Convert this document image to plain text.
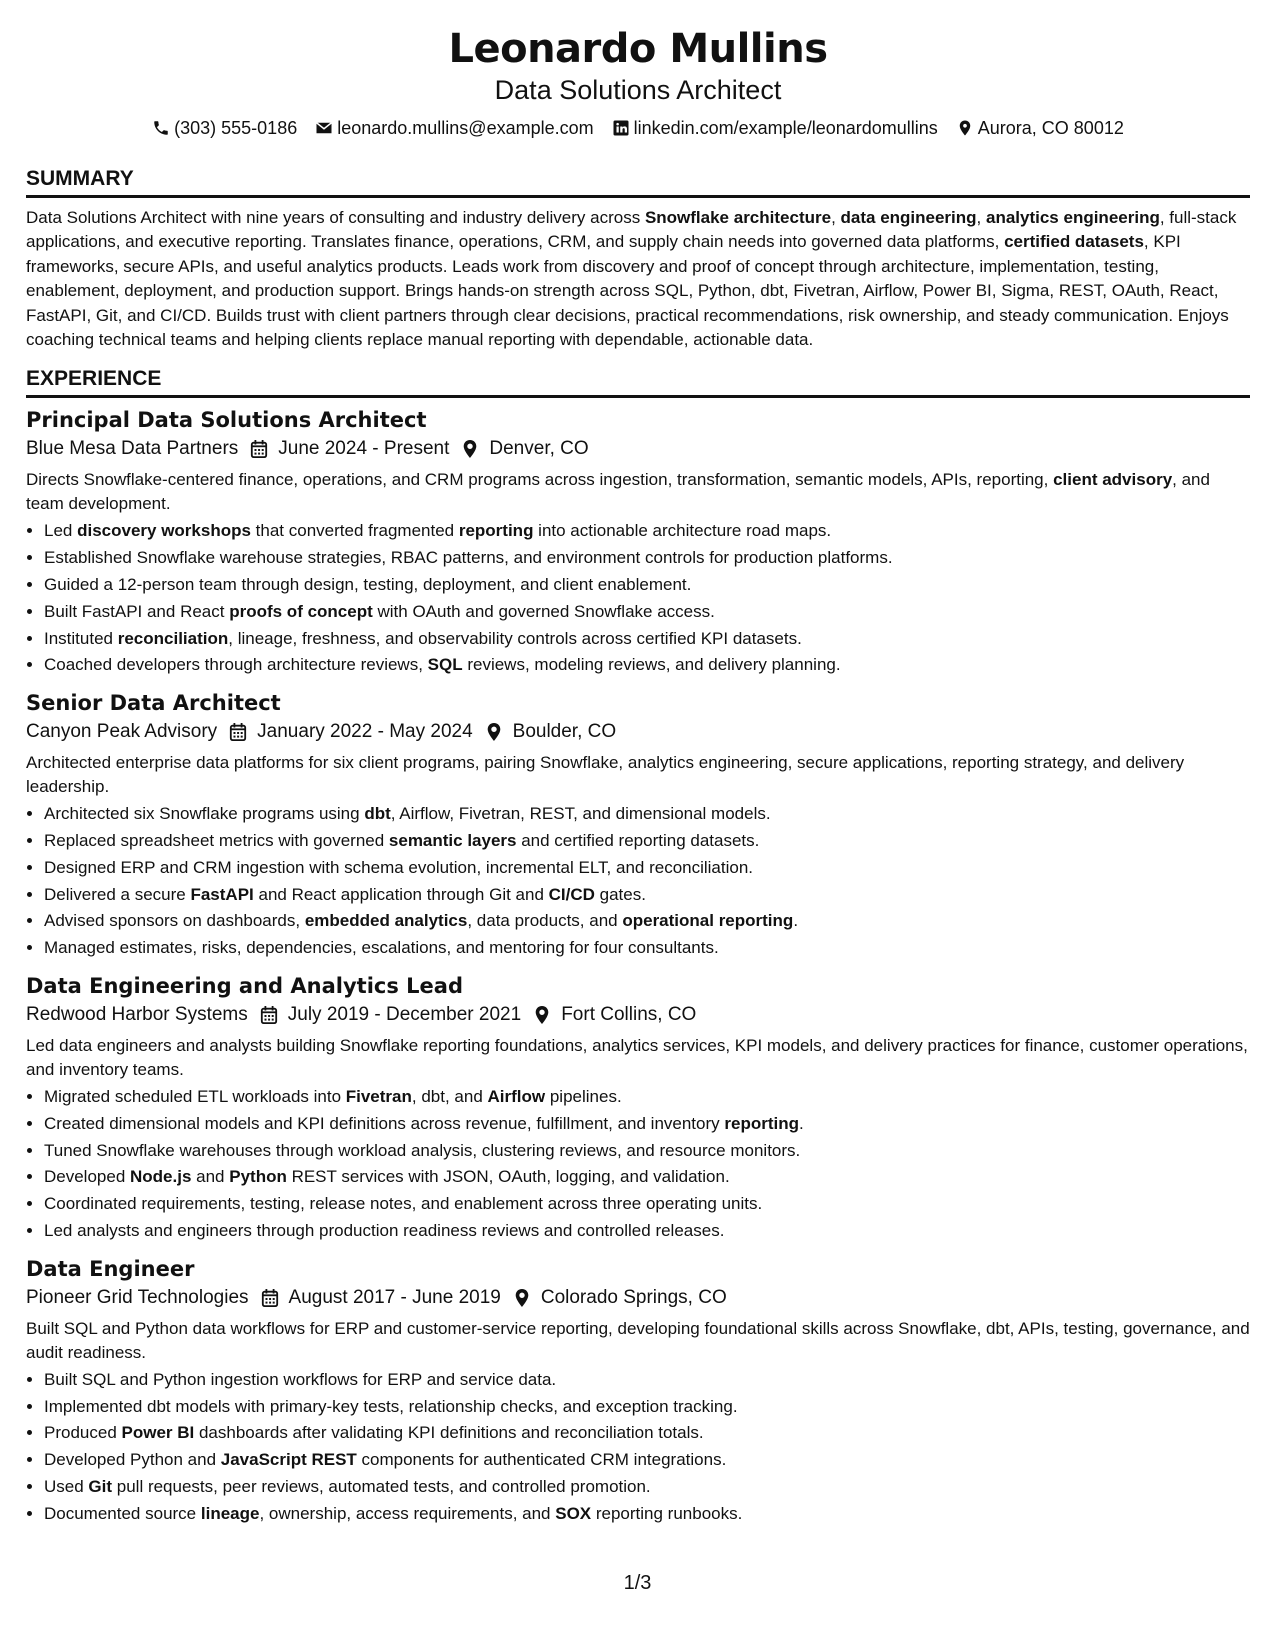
Leonardo Mullins
Data Solutions Architect
(303) 555-0186 leonardo.mullins@example.com linkedin.com/example/leonardomullins Aurora, CO 80012
SUMMARY
Data Solutions Architect with nine years of consulting and industry delivery across Snowflake architecture, data engineering, analytics engineering, full-stack applications, and executive reporting. Translates finance, operations, CRM, and supply chain needs into governed data platforms, certified datasets, KPI frameworks, secure APIs, and useful analytics products. Leads work from discovery and proof of concept through architecture, implementation, testing, enablement, deployment, and production support. Brings hands-on strength across SQL, Python, dbt, Fivetran, Airflow, Power BI, Sigma, REST, OAuth, React, FastAPI, Git, and CI/CD. Builds trust with client partners through clear decisions, practical recommendations, risk ownership, and steady communication. Enjoys coaching technical teams and helping clients replace manual reporting with dependable, actionable data.
EXPERIENCE
Principal Data Solutions Architect
Blue Mesa Data Partners June 2024 - Present Denver, CO
Directs Snowflake-centered finance, operations, and CRM programs across ingestion, transformation, semantic models, APIs, reporting, client advisory, and team development.
• Led discovery workshops that converted fragmented reporting into actionable architecture road maps.
• Established Snowflake warehouse strategies, RBAC patterns, and environment controls for production platforms.
• Guided a 12-person team through design, testing, deployment, and client enablement.
• Built FastAPI and React proofs of concept with OAuth and governed Snowflake access.
• Instituted reconciliation, lineage, freshness, and observability controls across certified KPI datasets.
• Coached developers through architecture reviews, SQL reviews, modeling reviews, and delivery planning.
Senior Data Architect
Canyon Peak Advisory January 2022 - May 2024 Boulder, CO
Architected enterprise data platforms for six client programs, pairing Snowflake, analytics engineering, secure applications, reporting strategy, and delivery leadership.
• Architected six Snowflake programs using dbt, Airflow, Fivetran, REST, and dimensional models.
• Replaced spreadsheet metrics with governed semantic layers and certified reporting datasets.
• Designed ERP and CRM ingestion with schema evolution, incremental ELT, and reconciliation.
• Delivered a secure FastAPI and React application through Git and CI/CD gates.
• Advised sponsors on dashboards, embedded analytics, data products, and operational reporting.
• Managed estimates, risks, dependencies, escalations, and mentoring for four consultants.
Data Engineering and Analytics Lead
Redwood Harbor Systems July 2019 - December 2021 Fort Collins, CO
Led data engineers and analysts building Snowflake reporting foundations, analytics services, KPI models, and delivery practices for finance, customer operations, and inventory teams.
• Migrated scheduled ETL workloads into Fivetran, dbt, and Airflow pipelines.
• Created dimensional models and KPI definitions across revenue, fulfillment, and inventory reporting.
• Tuned Snowflake warehouses through workload analysis, clustering reviews, and resource monitors.
• Developed Node.js and Python REST services with JSON, OAuth, logging, and validation.
• Coordinated requirements, testing, release notes, and enablement across three operating units.
• Led analysts and engineers through production readiness reviews and controlled releases.
Data Engineer
Pioneer Grid Technologies August 2017 - June 2019 Colorado Springs, CO
Built SQL and Python data workflows for ERP and customer-service reporting, developing foundational skills across Snowflake, dbt, APIs, testing, governance, and audit readiness.
• Built SQL and Python ingestion workflows for ERP and service data.
• Implemented dbt models with primary-key tests, relationship checks, and exception tracking.
• Produced Power BI dashboards after validating KPI definitions and reconciliation totals.
• Developed Python and JavaScript REST components for authenticated CRM integrations.
• Used Git pull requests, peer reviews, automated tests, and controlled promotion.
• Documented source lineage, ownership, access requirements, and SOX reporting runbooks.
1/3
